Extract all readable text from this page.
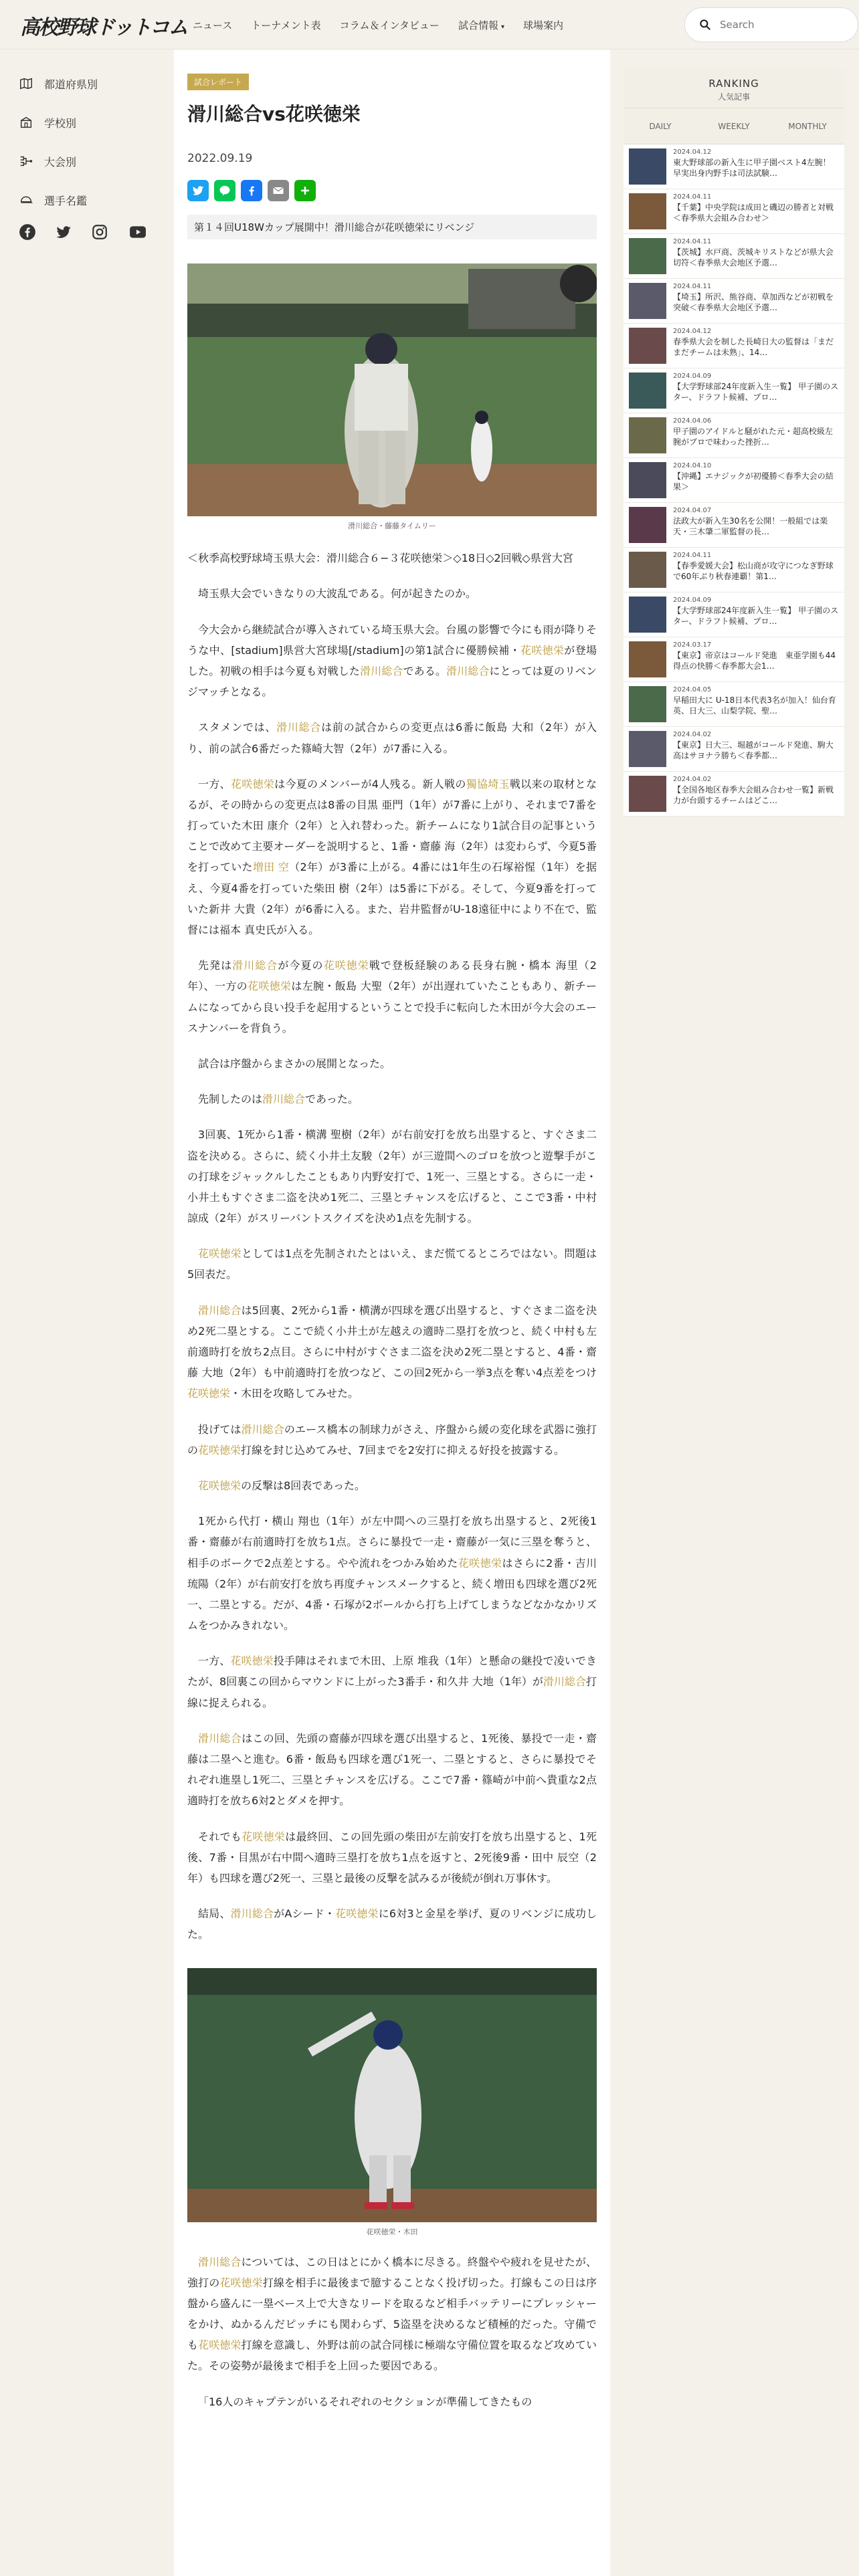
高校野球ドットコム ニュース トーナメント表 コラム＆インタビュー 試合情報 ▾ 球場案内
Search
都道府県別
学校別
大会別
選手名鑑
試合レポート
滑川総合vs花咲徳栄
2022.09.19
第１４回U18Wカップ展開中！滑川総合が花咲徳栄にリベンジ
滑川総合・藤藤タイムリー
＜秋季高校野球埼玉県大会：滑川総合６−３花咲徳栄＞◇18日◇2回戦◇県営大宮

埼玉県大会でいきなりの大波乱である。何が起きたのか。

今大会から継続試合が導入されている埼玉県大会。台風の影響で今にも雨が降りそうな中、[stadium]県営大宮球場[/stadium]の第1試合に優勝候補・花咲徳栄が登場した。初戦の相手は今夏も対戦した滑川総合である。滑川総合にとっては夏のリベンジマッチとなる。

スタメンでは、滑川総合は前の試合からの変更点は6番に飯島 大和（2年）が入り、前の試合6番だった篠崎大智（2年）が7番に入る。

一方、花咲徳栄は今夏のメンバーが4人残る。新人戦の獨協埼玉戦以来の取材となるが、その時からの変更点は8番の目黒 亜門（1年）が7番に上がり、それまで7番を打っていた木田 康介（2年）と入れ替わった。新チームになり1試合目の記事ということで改めて主要オーダーを説明すると、1番・齋藤 海（2年）は変わらず、今夏5番を打っていた増田 空（2年）が3番に上がる。4番には1年生の石塚裕惺（1年）を据え、今夏4番を打っていた柴田 樹（2年）は5番に下がる。そして、今夏9番を打っていた新井 大貴（2年）が6番に入る。また、岩井監督がU-18遠征中により不在で、監督には福本 真史氏が入る。

先発は滑川総合が今夏の花咲徳栄戦で登板経験のある長身右腕・橋本 海里（2年）、一方の花咲徳栄は左腕・飯島 大聖（2年）が出遅れていたこともあり、新チームになってから良い投手を起用するということで投手に転向した木田が今大会のエースナンバーを背負う。

試合は序盤からまさかの展開となった。

先制したのは滑川総合であった。

3回裏、1死から1番・横溝 聖樹（2年）が右前安打を放ち出塁すると、すぐさま二盗を決める。さらに、続く小井土友駿（2年）が三遊間へのゴロを放つと遊撃手がこの打球をジャックルしたこともあり内野安打で、1死一、三塁とする。さらに一走・小井土もすぐさま二盗を決め1死二、三塁とチャンスを広げると、ここで3番・中村 諒成（2年）がスリーバントスクイズを決め1点を先制する。

花咲徳栄としては1点を先制されたとはいえ、まだ慌てるところではない。問題は5回表だ。

滑川総合は5回裏、2死から1番・横溝が四球を選び出塁すると、すぐさま二盗を決め2死二塁とする。ここで続く小井土が左越えの適時二塁打を放つと、続く中村も左前適時打を放ち2点目。さらに中村がすぐさま二盗を決め2死二塁とすると、4番・齋藤 大地（2年）も中前適時打を放つなど、この回2死から一挙3点を奪い4点差をつけ花咲徳栄・木田を攻略してみせた。

投げては滑川総合のエース橋本の制球力がさえ、序盤から緩の変化球を武器に強打の花咲徳栄打線を封じ込めてみせ、7回までを2安打に抑える好投を披露する。

花咲徳栄の反撃は8回表であった。

1死から代打・横山 翔也（1年）が左中間への三塁打を放ち出塁すると、2死後1番・齋藤が右前適時打を放ち1点。さらに暴投で一走・齋藤が一気に三塁を奪うと、相手のボークで2点差とする。やや流れをつかみ始めた花咲徳栄はさらに2番・吉川 琉陽（2年）が右前安打を放ち再度チャンスメークすると、続く増田も四球を選び2死一、二塁とする。だが、4番・石塚が2ボールから打ち上げてしまうなどなかなかリズムをつかみきれない。

一方、花咲徳栄投手陣はそれまで木田、上原 堆我（1年）と懸命の継投で凌いできたが、8回裏この回からマウンドに上がった3番手・和久井 大地（1年）が滑川総合打線に捉えられる。

滑川総合はこの回、先頭の齋藤が四球を選び出塁すると、1死後、暴投で一走・齋藤は二塁へと進む。6番・飯島も四球を選び1死一、二塁とすると、さらに暴投でそれぞれ進塁し1死二、三塁とチャンスを広げる。ここで7番・篠崎が中前へ貴重な2点適時打を放ち6対2とダメを押す。

それでも花咲徳栄は最終回、この回先頭の柴田が左前安打を放ち出塁すると、1死後、7番・目黒が右中間へ適時三塁打を放ち1点を返すと、2死後9番・田中 辰空（2年）も四球を選び2死一、三塁と最後の反撃を試みるが後続が倒れ万事休す。

結局、滑川総合がAシード・花咲徳栄に6対3と金星を挙げ、夏のリベンジに成功した。

花咲徳栄・木田

滑川総合については、この日はとにかく橋本に尽きる。終盤やや疲れを見せたが、強打の花咲徳栄打線を相手に最後まで臆することなく投げ切った。打線もこの日は序盤から盛んに一塁ベース上で大きなリードを取るなど相手バッテリーにプレッシャーをかけ、ぬかるんだピッチにも関わらず、5盗塁を決めるなど積極的だった。守備でも花咲徳栄打線を意識し、外野は前の試合同様に極端な守備位置を取るなど攻めていた。その姿勢が最後まで相手を上回った要因である。

「16人のキャプテンがいるそれぞれのセクションが準備してきたもの

RANKING
人気記事
DAILY	WEEKLY	MONTHLY
2024.04.12
東大野球部の新入生に甲子園ベスト4左腕！ 早実出身内野手は司法試験…
2024.04.11
【千葉】中央学院は成田と磯辺の勝者と対戦＜春季県大会組み合わせ＞
2024.04.11
【茨城】水戸商、茨城キリストなどが県大会切符＜春季県大会地区予選…
2024.04.11
【埼玉】所沢、熊谷商、草加西などが初戦を突破＜春季県大会地区予選…
2024.04.12
春季県大会を制した長崎日大の監督は「まだまだチームは未熟」、14…
2024.04.09
【大学野球部24年度新入生一覧】 甲子園のスター、ドラフト候補、プロ…
2024.04.06
甲子園のアイドルと騒がれた元・超高校級左腕がプロで味わった挫折…
2024.04.10
【沖縄】エナジックが初優勝＜春季大会の結果＞
2024.04.07
法政大が新入生30名を公開！一般組では楽天・三木肇二軍監督の長…
2024.04.11
【春季愛媛大会】松山商が攻守につなぎ野球で60年ぶり秋春連覇！第1…
2024.04.09
【大学野球部24年度新入生一覧】 甲子園のスター、ドラフト候補、プロ…
2024.03.17
【東京】帝京はコールド発進　東亜学園も44得点の快勝＜春季都大会1…
2024.04.05
早稲田大に U-18日本代表3名が加入！仙台育英、日大三、山梨学院、聖…
2024.04.02
【東京】日大三、堀越がコールド発進、駒大高はサヨナラ勝ち＜春季都…
2024.04.02
【全国各地区春季大会組み合わせ一覧】新戦力が台頭するチームはどこ…
